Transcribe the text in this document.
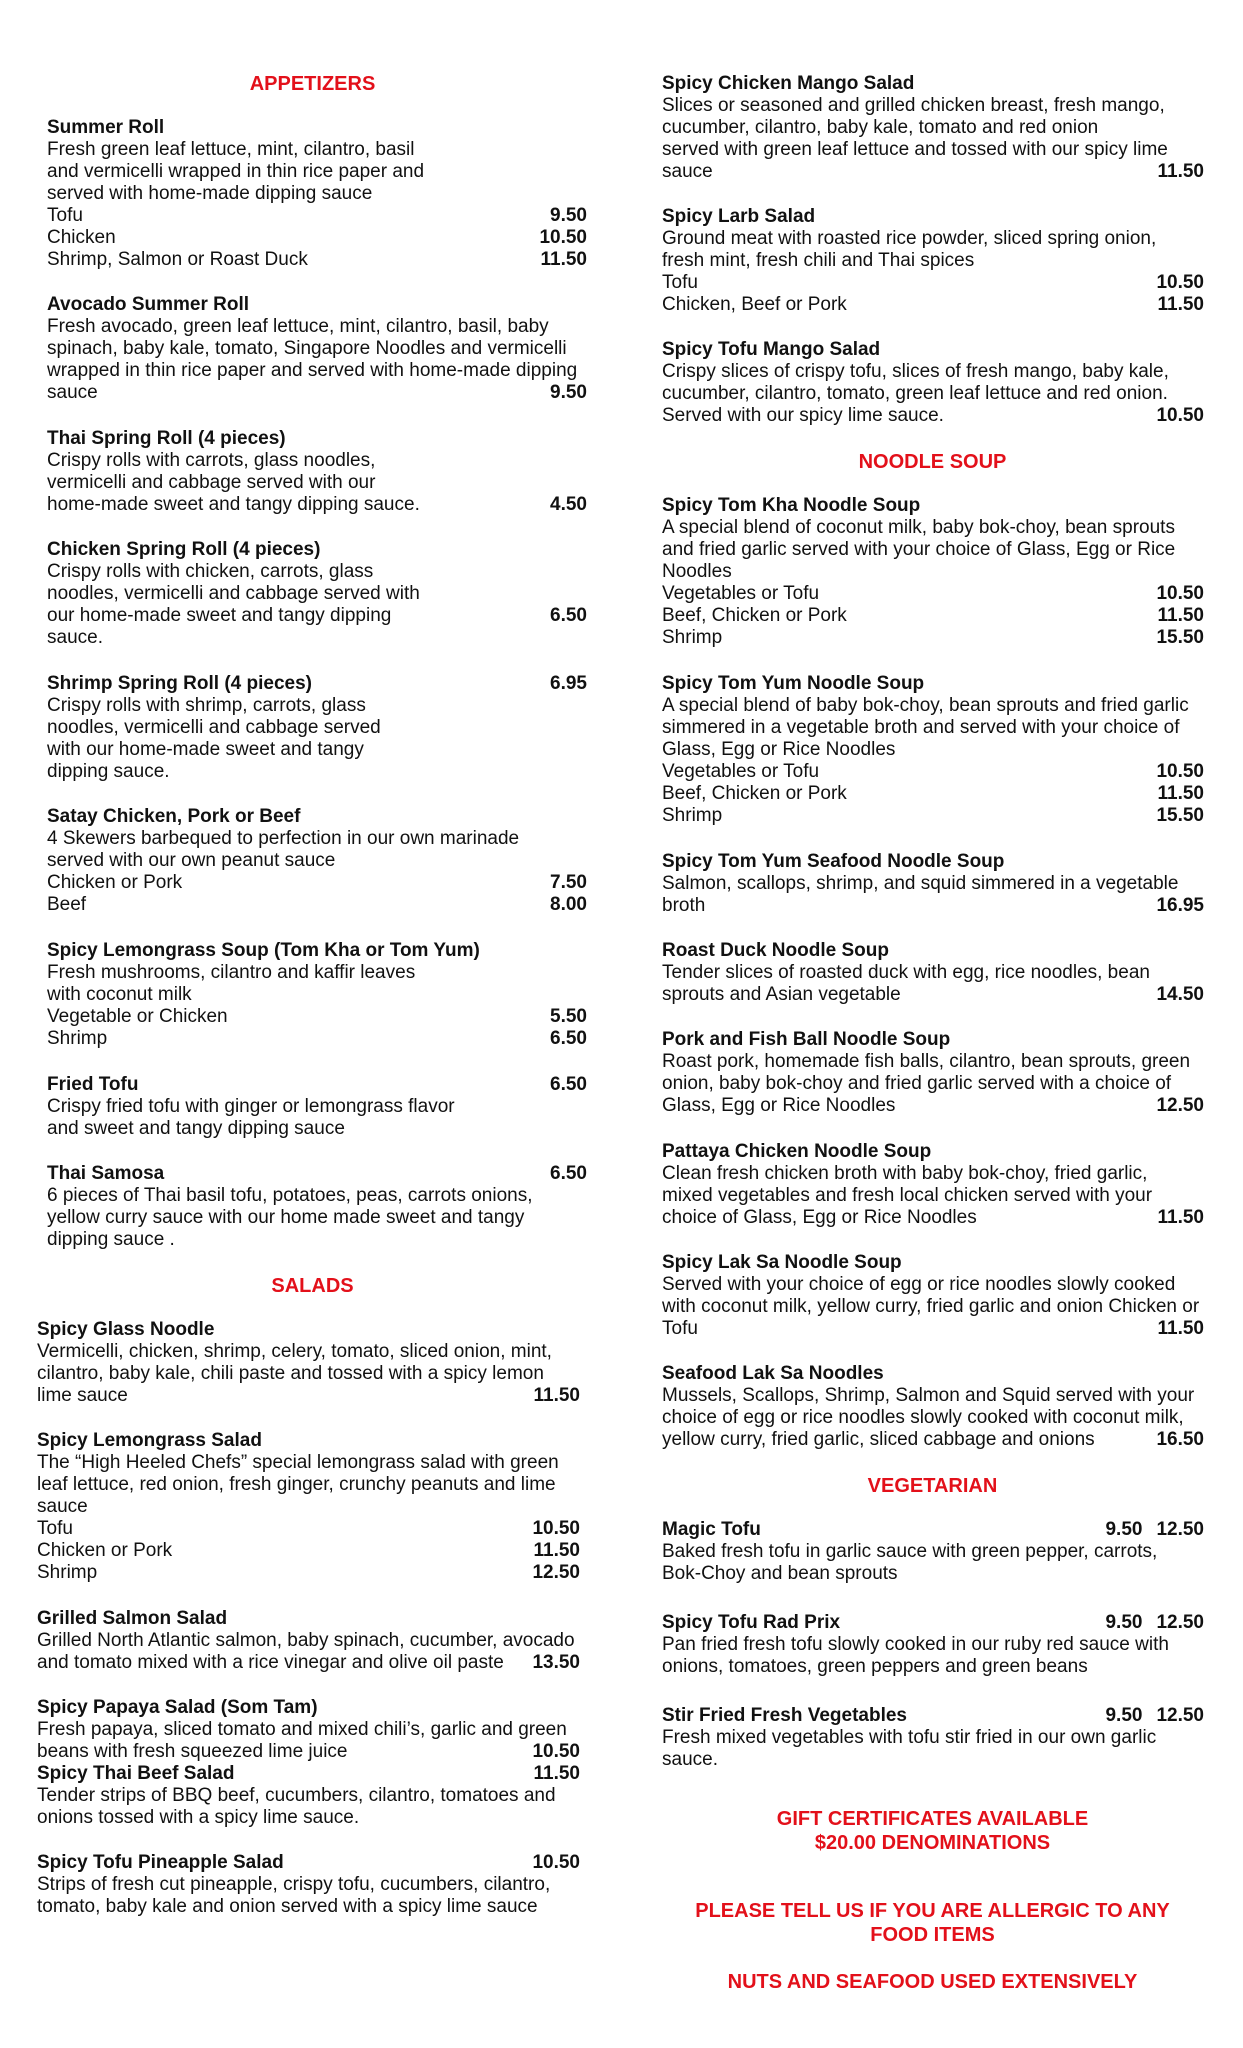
APPETIZERS
Summer Roll
Fresh green leaf lettuce, mint, cilantro, basil
and vermicelli wrapped in thin rice paper and
served with home-made dipping sauce
Tofu	9.50
Chicken	10.50
Shrimp, Salmon or Roast Duck	11.50
Avocado Summer Roll
Fresh avocado, green leaf lettuce, mint, cilantro, basil, baby
spinach, baby kale, tomato, Singapore Noodles and vermicelli
wrapped in thin rice paper and served with home-made dipping
sauce	9.50
Thai Spring Roll (4 pieces)
Crispy rolls with carrots, glass noodles,
vermicelli and cabbage served with our
home-made sweet and tangy dipping sauce.	4.50
Chicken Spring Roll (4 pieces)
Crispy rolls with chicken, carrots, glass
noodles, vermicelli and cabbage served with
our home-made sweet and tangy dipping	6.50
sauce.
Shrimp Spring Roll (4 pieces)	6.95
Crispy rolls with shrimp, carrots, glass
noodles, vermicelli and cabbage served
with our home-made sweet and tangy
dipping sauce.
Satay Chicken, Pork or Beef
4 Skewers barbequed to perfection in our own marinade
served with our own peanut sauce
Chicken or Pork	7.50
Beef	8.00
Spicy Lemongrass Soup (Tom Kha or Tom Yum)
Fresh mushrooms, cilantro and kaffir leaves
with coconut milk
Vegetable or Chicken	5.50
Shrimp	6.50
Fried Tofu	6.50
Crispy fried tofu with ginger or lemongrass flavor
and sweet and tangy dipping sauce
Thai Samosa	6.50
6 pieces of Thai basil tofu, potatoes, peas, carrots onions,
yellow curry sauce with our home made sweet and tangy
dipping sauce .
SALADS
Spicy Glass Noodle
Vermicelli, chicken, shrimp, celery, tomato, sliced onion, mint,
cilantro, baby kale, chili paste and tossed with a spicy lemon
lime sauce	11.50
Spicy Lemongrass Salad
The “High Heeled Chefs” special lemongrass salad with green
leaf lettuce, red onion, fresh ginger, crunchy peanuts and lime
sauce
Tofu	10.50
Chicken or Pork	11.50
Shrimp	12.50
Grilled Salmon Salad
Grilled North Atlantic salmon, baby spinach, cucumber, avocado
and tomato mixed with a rice vinegar and olive oil paste 13.50
Spicy Papaya Salad (Som Tam)
Fresh papaya, sliced tomato and mixed chili’s, garlic and green
beans with fresh squeezed lime juice	10.50
Spicy Thai Beef Salad	11.50
Tender strips of BBQ beef, cucumbers, cilantro, tomatoes and
onions tossed with a spicy lime sauce.
Spicy Tofu Pineapple Salad	10.50
Strips of fresh cut pineapple, crispy tofu, cucumbers, cilantro,
tomato, baby kale and onion served with a spicy lime sauce
Spicy Chicken Mango Salad
Slices or seasoned and grilled chicken breast, fresh mango,
cucumber, cilantro, baby kale, tomato and red onion
served with green leaf lettuce and tossed with our spicy lime
sauce	11.50
Spicy Larb Salad
Ground meat with roasted rice powder, sliced spring onion,
fresh mint, fresh chili and Thai spices
Tofu	10.50
Chicken, Beef or Pork	11.50
Spicy Tofu Mango Salad
Crispy slices of crispy tofu, slices of fresh mango, baby kale,
cucumber, cilantro, tomato, green leaf lettuce and red onion.
Served with our spicy lime sauce.	10.50
NOODLE SOUP
Spicy Tom Kha Noodle Soup
A special blend of coconut milk, baby bok-choy, bean sprouts
and fried garlic served with your choice of Glass, Egg or Rice
Noodles
Vegetables or Tofu	10.50
Beef, Chicken or Pork	11.50
Shrimp	15.50
Spicy Tom Yum Noodle Soup
A special blend of baby bok-choy, bean sprouts and fried garlic
simmered in a vegetable broth and served with your choice of
Glass, Egg or Rice Noodles
Vegetables or Tofu	10.50
Beef, Chicken or Pork	11.50
Shrimp	15.50
Spicy Tom Yum Seafood Noodle Soup
Salmon, scallops, shrimp, and squid simmered in a vegetable
broth	16.95
Roast Duck Noodle Soup
Tender slices of roasted duck with egg, rice noodles, bean
sprouts and Asian vegetable	14.50
Pork and Fish Ball Noodle Soup
Roast pork, homemade fish balls, cilantro, bean sprouts, green
onion, baby bok-choy and fried garlic served with a choice of
Glass, Egg or Rice Noodles	12.50
Pattaya Chicken Noodle Soup
Clean fresh chicken broth with baby bok-choy, fried garlic,
mixed vegetables and fresh local chicken served with your
choice of Glass, Egg or Rice Noodles	11.50
Spicy Lak Sa Noodle Soup
Served with your choice of egg or rice noodles slowly cooked
with coconut milk, yellow curry, fried garlic and onion Chicken or
Tofu	11.50
Seafood Lak Sa Noodles
Mussels, Scallops, Shrimp, Salmon and Squid served with your
choice of egg or rice noodles slowly cooked with coconut milk,
yellow curry, fried garlic, sliced cabbage and onions	16.50
VEGETARIAN
Magic Tofu	9.50 12.50
Baked fresh tofu in garlic sauce with green pepper, carrots,
Bok-Choy and bean sprouts
Spicy Tofu Rad Prix	9.50 12.50
Pan fried fresh tofu slowly cooked in our ruby red sauce with
onions, tomatoes, green peppers and green beans
Stir Fried Fresh Vegetables	9.50 12.50
Fresh mixed vegetables with tofu stir fried in our own garlic
sauce.
GIFT CERTIFICATES AVAILABLE
$20.00 DENOMINATIONS
PLEASE TELL US IF YOU ARE ALLERGIC TO ANY
FOOD ITEMS
NUTS AND SEAFOOD USED EXTENSIVELY
